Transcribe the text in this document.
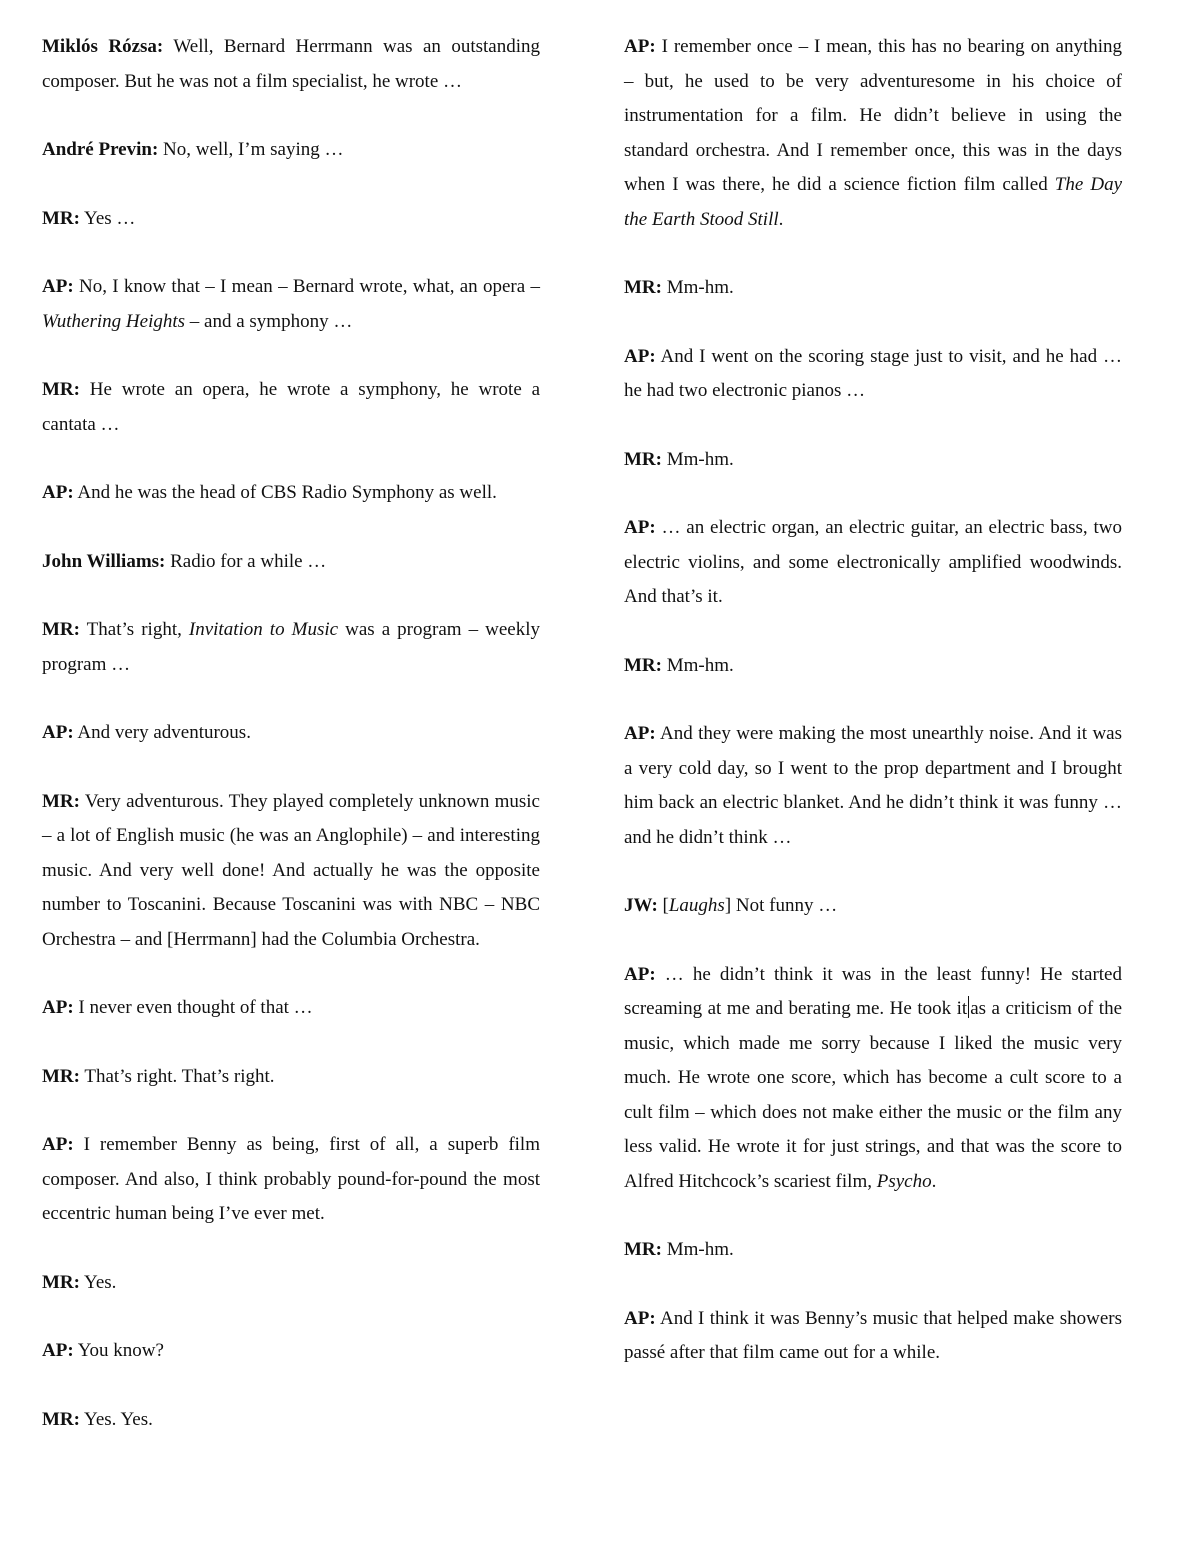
Miklós Rózsa: Well, Bernard Herrmann was an outstanding composer. But he was not a film specialist, he wrote …

André Previn: No, well, I’m saying …

MR: Yes …

AP: No, I know that – I mean – Bernard wrote, what, an opera – Wuthering Heights – and a symphony …

MR: He wrote an opera, he wrote a symphony, he wrote a cantata …

AP: And he was the head of CBS Radio Symphony as well.

John Williams: Radio for a while …

MR: That’s right, Invitation to Music was a program – weekly program …

AP: And very adventurous.

MR: Very adventurous. They played completely unknown music – a lot of English music (he was an Anglophile) – and interesting music. And very well done! And actually he was the opposite number to Toscanini. Because Toscanini was with NBC – NBC Orchestra – and [Herrmann] had the Columbia Orchestra.

AP: I never even thought of that …

MR: That’s right. That’s right.

AP: I remember Benny as being, first of all, a superb film composer. And also, I think probably pound-for-pound the most eccentric human being I’ve ever met.

MR: Yes.

AP: You know?

MR: Yes. Yes.

AP: I remember once – I mean, this has no bearing on anything – but, he used to be very adventuresome in his choice of instrumentation for a film. He didn’t believe in using the standard orchestra. And I remember once, this was in the days when I was there, he did a science fiction film called The Day the Earth Stood Still.

MR: Mm-hm.

AP: And I went on the scoring stage just to visit, and he had … he had two electronic pianos …

MR: Mm-hm.

AP: … an electric organ, an electric guitar, an electric bass, two electric violins, and some electronically amplified woodwinds. And that’s it.

MR: Mm-hm.

AP: And they were making the most unearthly noise. And it was a very cold day, so I went to the prop department and I brought him back an electric blanket. And he didn’t think it was funny … and he didn’t think …

JW: [Laughs] Not funny …

AP: … he didn’t think it was in the least funny! He started screaming at me and berating me. He took it as a criticism of the music, which made me sorry because I liked the music very much. He wrote one score, which has become a cult score to a cult film – which does not make either the music or the film any less valid. He wrote it for just strings, and that was the score to Alfred Hitchcock’s scariest film, Psycho.

MR: Mm-hm.

AP: And I think it was Benny’s music that helped make showers passé after that film came out for a while.
